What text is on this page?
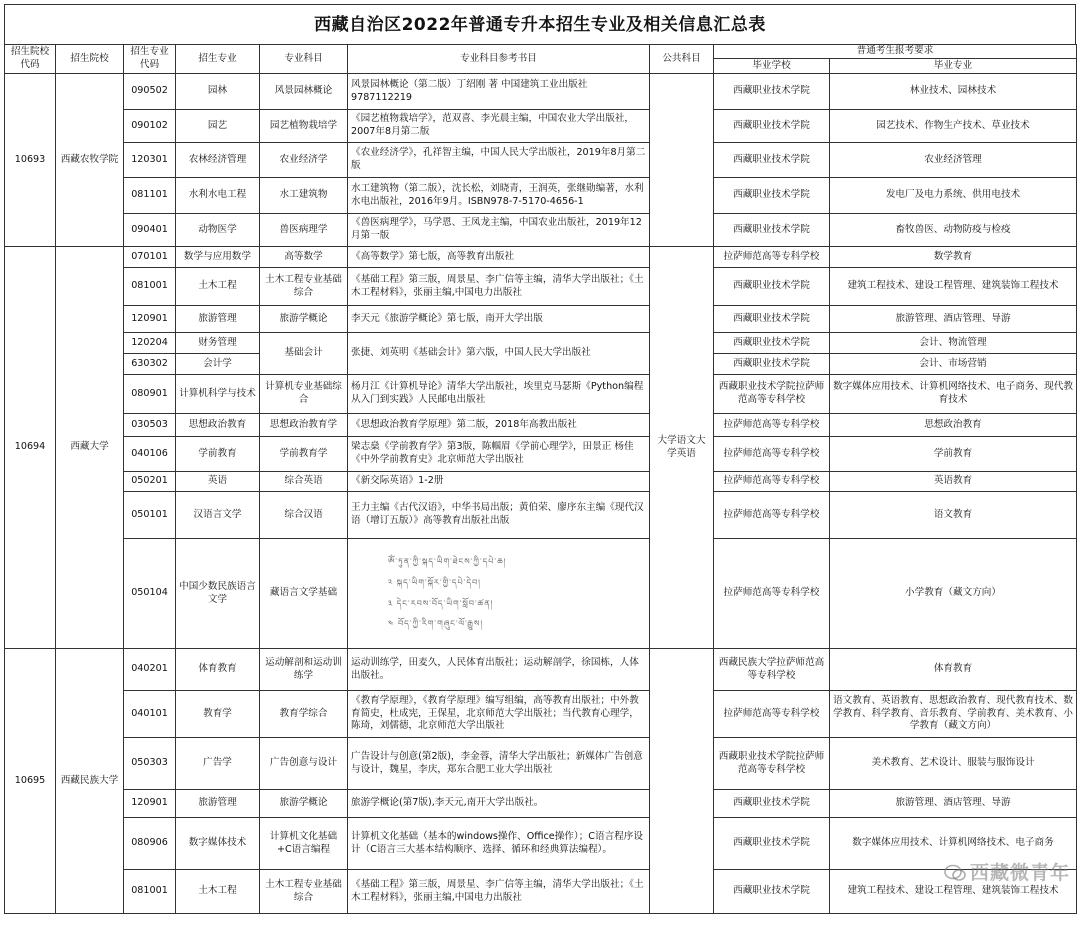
西藏自治区2022年普通专升本招生专业及相关信息汇总表
招生院校代码	招生院校	招生专业代码	招生专业	专业科目	专业科目参考书目	公共科目	普通考生报考要求	
							毕业学校	毕业专业
10693	西藏农牧学院	090502	园林	风景园林概论	风景园林概论（第二版）丁绍刚 著 中国建筑工业出版社 9787112219		西藏职业技术学院	林业技术、园林技术
		090102	园艺	园艺植物栽培学	《园艺植物栽培学》，范双喜、李光晨主编，中国农业大学出版社，2007年8月第二版		西藏职业技术学院	园艺技术、作物生产技术、草业技术
		120301	农林经济管理	农业经济学	《农业经济学》，孔祥智主编，中国人民大学出版社，2019年8月第二版		西藏职业技术学院	农业经济管理
		081101	水利水电工程	水工建筑物	水工建筑物（第二版），沈长松，刘晓青，王润英，张继勋编著，水利水电出版社，2016年9月。ISBN978-7-5170-4656-1		西藏职业技术学院	发电厂及电力系统、供用电技术
		090401	动物医学	兽医病理学	《兽医病理学》，马学恩、王凤龙主编，中国农业出版社，2019年12月第一版		西藏职业技术学院	畜牧兽医、动物防疫与检疫
10694	西藏大学	070101	数学与应用数学	高等数学	《高等数学》第七版，高等教育出版社	大学语文大学英语	拉萨师范高等专科学校	数学教育
		081001	土木工程	土木工程专业基础综合	《基础工程》第三版，周景星、李广信等主编，清华大学出版社；《土木工程材料》，张丽主编,中国电力出版社		西藏职业技术学院	建筑工程技术、建设工程管理、建筑装饰工程技术
		120901	旅游管理	旅游学概论	李天元《旅游学概论》第七版，南开大学出版		西藏职业技术学院	旅游管理、酒店管理、导游
		120204	财务管理	基础会计	张捷、刘英明《基础会计》第六版，中国人民大学出版社		西藏职业技术学院	会计、物流管理
		630302	会计学				西藏职业技术学院	会计、市场营销
		080901	计算机科学与技术	计算机专业基础综合	杨月江《计算机导论》清华大学出版社，埃里克马瑟斯《Python编程从入门到实践》人民邮电出版社		西藏职业技术学院拉萨师范高等专科学校	数字媒体应用技术、计算机网络技术、电子商务、现代教育技术
		030503	思想政治教育	思想政治教育学	《思想政治教育学原理》第二版，2018年高教出版社		拉萨师范高等专科学校	思想政治教育
		040106	学前教育	学前教育学	梁志燊《学前教育学》第3版，陈帼眉《学前心理学》，田景正 杨佳《中外学前教育史》北京师范大学出版社		拉萨师范高等专科学校	学前教育
		050201	英语	综合英语	《新交际英语》1-2册		拉萨师范高等专科学校	英语教育
		050101	汉语言文学	综合汉语	王力主编《古代汉语》，中华书局出版；黄伯荣、廖序东主编《现代汉语（增订五版）》高等教育出版社出版		拉萨师范高等专科学校	语文教育
		050104	中国少数民族语言文学	藏语言文学基础	ༀ་ཏུན་ཀྱི་སྐད་ཡིག་ཐེངས་ཀྱི་དཔེ་ཆ།
༢ སྐད་ཡིག་སྐོར་གྱི་དཔེ་དེབ།
༣ དེང་རབས་བོད་ཡིག་སློབ་ཚན།
༤ བོད་ཀྱི་རིག་གཞུང་ལོ་རྒྱུས།		拉萨师范高等专科学校	小学教育（藏文方向）
10695	西藏民族大学	040201	体育教育	运动解剖和运动训练学	运动训练学，田麦久，人民体育出版社；运动解剖学，徐国栋，人体出版社。		西藏民族大学拉萨师范高等专科学校	体育教育
		040101	教育学	教育学综合	《教育学原理》，《教育学原理》编写组编，高等教育出版社；中外教育简史，杜成宪，王保星，北京师范大学出版社；当代教育心理学，陈琦，刘儒德，北京师范大学出版社		拉萨师范高等专科学校	语文教育、英语教育、思想政治教育、现代教育技术、数学教育、科学教育、音乐教育、学前教育、美术教育、小学教育（藏文方向）
		050303	广告学	广告创意与设计	广告设计与创意(第2版)，李金蓉，清华大学出版社；新媒体广告创意与设计，魏星，李庆，郑东合肥工业大学出版社		西藏职业技术学院拉萨师范高等专科学校	美术教育、艺术设计、服装与服饰设计
		120901	旅游管理	旅游学概论	旅游学概论(第7版),李天元,南开大学出版社。		西藏职业技术学院	旅游管理、酒店管理、导游
		080906	数字媒体技术	计算机文化基础+C语言编程	计算机文化基础（基本的windows操作、Office操作）；C语言程序设计（C语言三大基本结构顺序、选择、循环和经典算法编程）。		西藏职业技术学院	数字媒体应用技术、计算机网络技术、电子商务
		081001	土木工程	土木工程专业基础综合	《基础工程》第三版，周景星、李广信等主编，清华大学出版社；《土木工程材料》，张丽主编,中国电力出版社		西藏职业技术学院	建筑工程技术、建设工程管理、建筑装饰工程技术
西藏微青年
